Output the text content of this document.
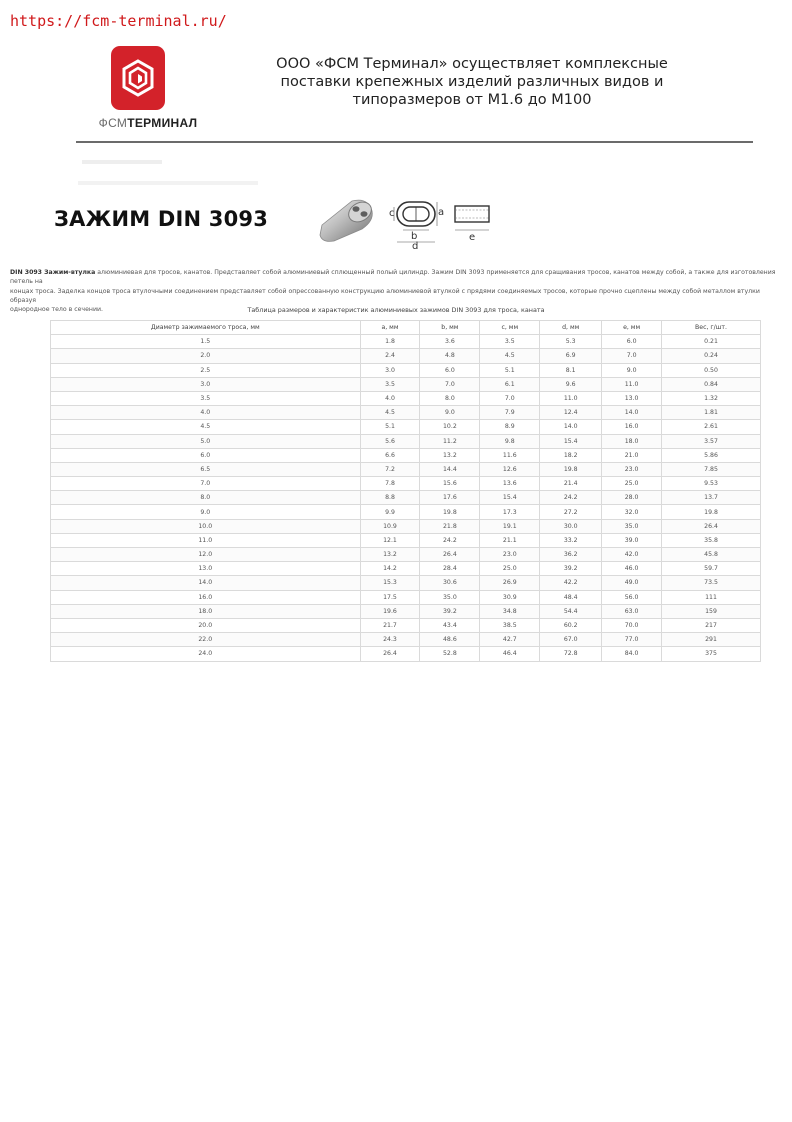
https://fcm-terminal.ru/
ФСМТЕРМИНАЛ
ООО «ФСМ Терминал» осуществляет комплексные
поставки крепежных изделий различных видов и
типоразмеров от М1.6 до М100
ЗАЖИМ DIN 3093	c	a
b
d
e
DIN 3093 Зажим-втулка алюминиевая для тросов, канатов. Представляет собой алюминиевый сплющенный полый цилиндр. Зажим DIN 3093 применяется для сращивания тросов, канатов между собой, а также для изготовления петель на
концах троса. Заделка концов троса втулочными соединением представляет собой опрессованную конструкцию алюминиевой втулкой с прядями соединяемых тросов, которые прочно сцеплены между собой металлом втулки образуя
однородное тело в сечении.	Таблица размеров и характеристик алюминиевых зажимов DIN 3093 для троса, каната
Диаметр зажимаемого троса, мм	a, мм	b, мм	c, мм	d, мм	e, мм	Вес, г/шт.
1.5	1.8	3.6	3.5	5.3	6.0	0.21
2.0	2.4	4.8	4.5	6.9	7.0	0.24
2.5	3.0	6.0	5.1	8.1	9.0	0.50
3.0	3.5	7.0	6.1	9.6	11.0	0.84
3.5	4.0	8.0	7.0	11.0	13.0	1.32
4.0	4.5	9.0	7.9	12.4	14.0	1.81
4.5	5.1	10.2	8.9	14.0	16.0	2.61
5.0	5.6	11.2	9.8	15.4	18.0	3.57
6.0	6.6	13.2	11.6	18.2	21.0	5.86
6.5	7.2	14.4	12.6	19.8	23.0	7.85
7.0	7.8	15.6	13.6	21.4	25.0	9.53
8.0	8.8	17.6	15.4	24.2	28.0	13.7
9.0	9.9	19.8	17.3	27.2	32.0	19.8
10.0	10.9	21.8	19.1	30.0	35.0	26.4
11.0	12.1	24.2	21.1	33.2	39.0	35.8
12.0	13.2	26.4	23.0	36.2	42.0	45.8
13.0	14.2	28.4	25.0	39.2	46.0	59.7
14.0	15.3	30.6	26.9	42.2	49.0	73.5
16.0	17.5	35.0	30.9	48.4	56.0	111
18.0	19.6	39.2	34.8	54.4	63.0	159
20.0	21.7	43.4	38.5	60.2	70.0	217
22.0	24.3	48.6	42.7	67.0	77.0	291
24.0	26.4	52.8	46.4	72.8	84.0	375
